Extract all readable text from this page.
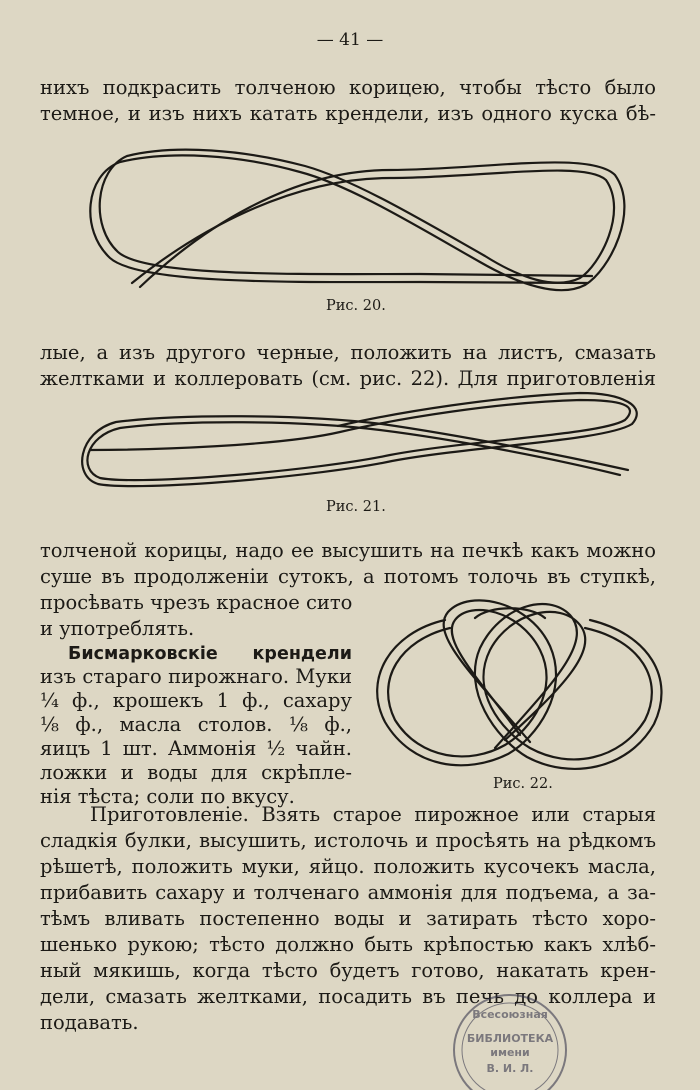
— 41 —
нихъ подкрасить толченою корицею, чтобы тѣсто было
темное, и изъ нихъ катать крендели, изъ одного куска бѣ-
Рис. 20.
лые, а изъ другого черные, положить на листъ, смазать
желтками и коллеровать (см. рис. 22). Для приготовленія
Рис. 21.
толченой корицы, надо ее высушить на печкѣ какъ можно
суше въ продолженіи сутокъ, а потомъ толочь въ ступкѣ,
просѣвать чрезъ красное сито
и употреблять.
Бисмарковскіе крендели
изъ стараго пирожнаго. Муки
¼ ф., крошекъ 1 ф., сахару
⅛ ф., масла столов. ⅛ ф.,
яицъ 1 шт. Аммонія ½ чайн.
ложки и воды для скрѣпле-
нія тѣста; соли по вкусу.
Рис. 22.
Приготовленіе. Взять старое пирожное или старыя
сладкія булки, высушить, истолочь и просѣять на рѣдкомъ
рѣшетѣ, положить муки, яйцо. положить кусочекъ масла,
прибавить сахару и толченаго аммонія для подъема, а за-
тѣмъ вливать постепенно воды и затирать тѣсто хоро-
шенько рукою; тѣсто должно быть крѣпостью какъ хлѣб-
ный мякишь, когда тѣсто будетъ готово, накатать крен-
дели, смазать желтками, посадить въ печь до коллера и
подавать.	Всесоюзная
БИБЛИОТЕКА
имени
В. И. Л.
